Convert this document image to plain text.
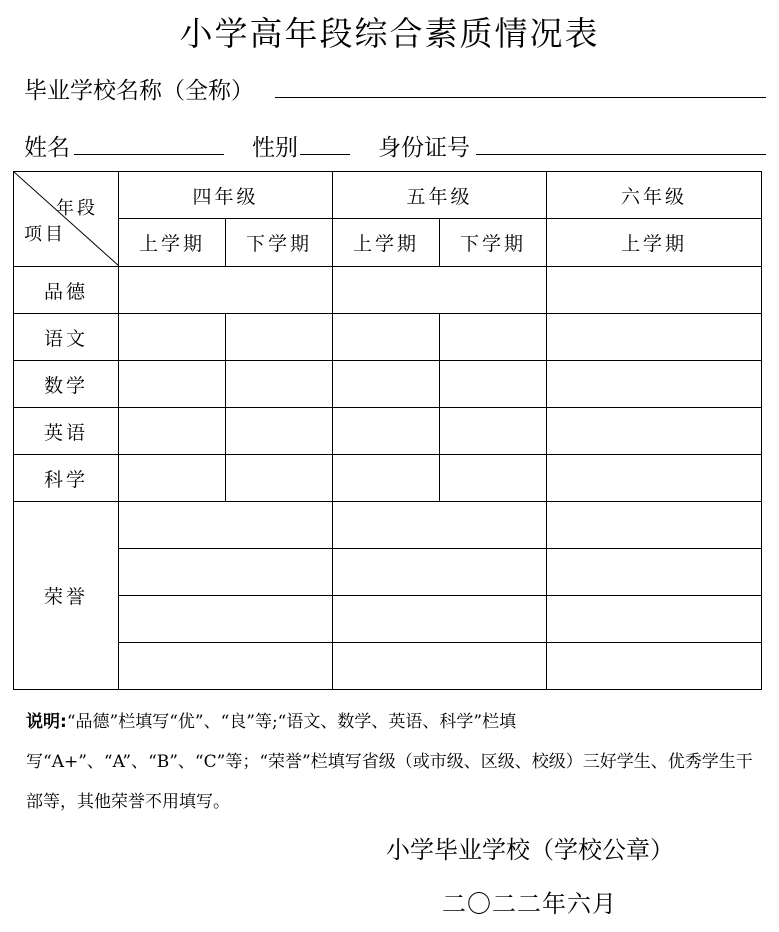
小学高年段综合素质情况表
毕业学校名称（全称）
姓名	性别	身份证号
年段
项目	四年级		五年级		六年级
	上学期	下学期	上学期	下学期	上学期
品德					
语文					
数学					
英语					
科学					
荣誉					

说明:“品德”栏填写“优”、“良”等;“语文、数学、英语、科学”栏填写“A+”、“A”、“B”、“C”等；“荣誉”栏填写省级（或市级、区级、校级）三好学生、优秀学生干部等，其他荣誉不用填写。
小学毕业学校（学校公章）
二〇二二年六月
